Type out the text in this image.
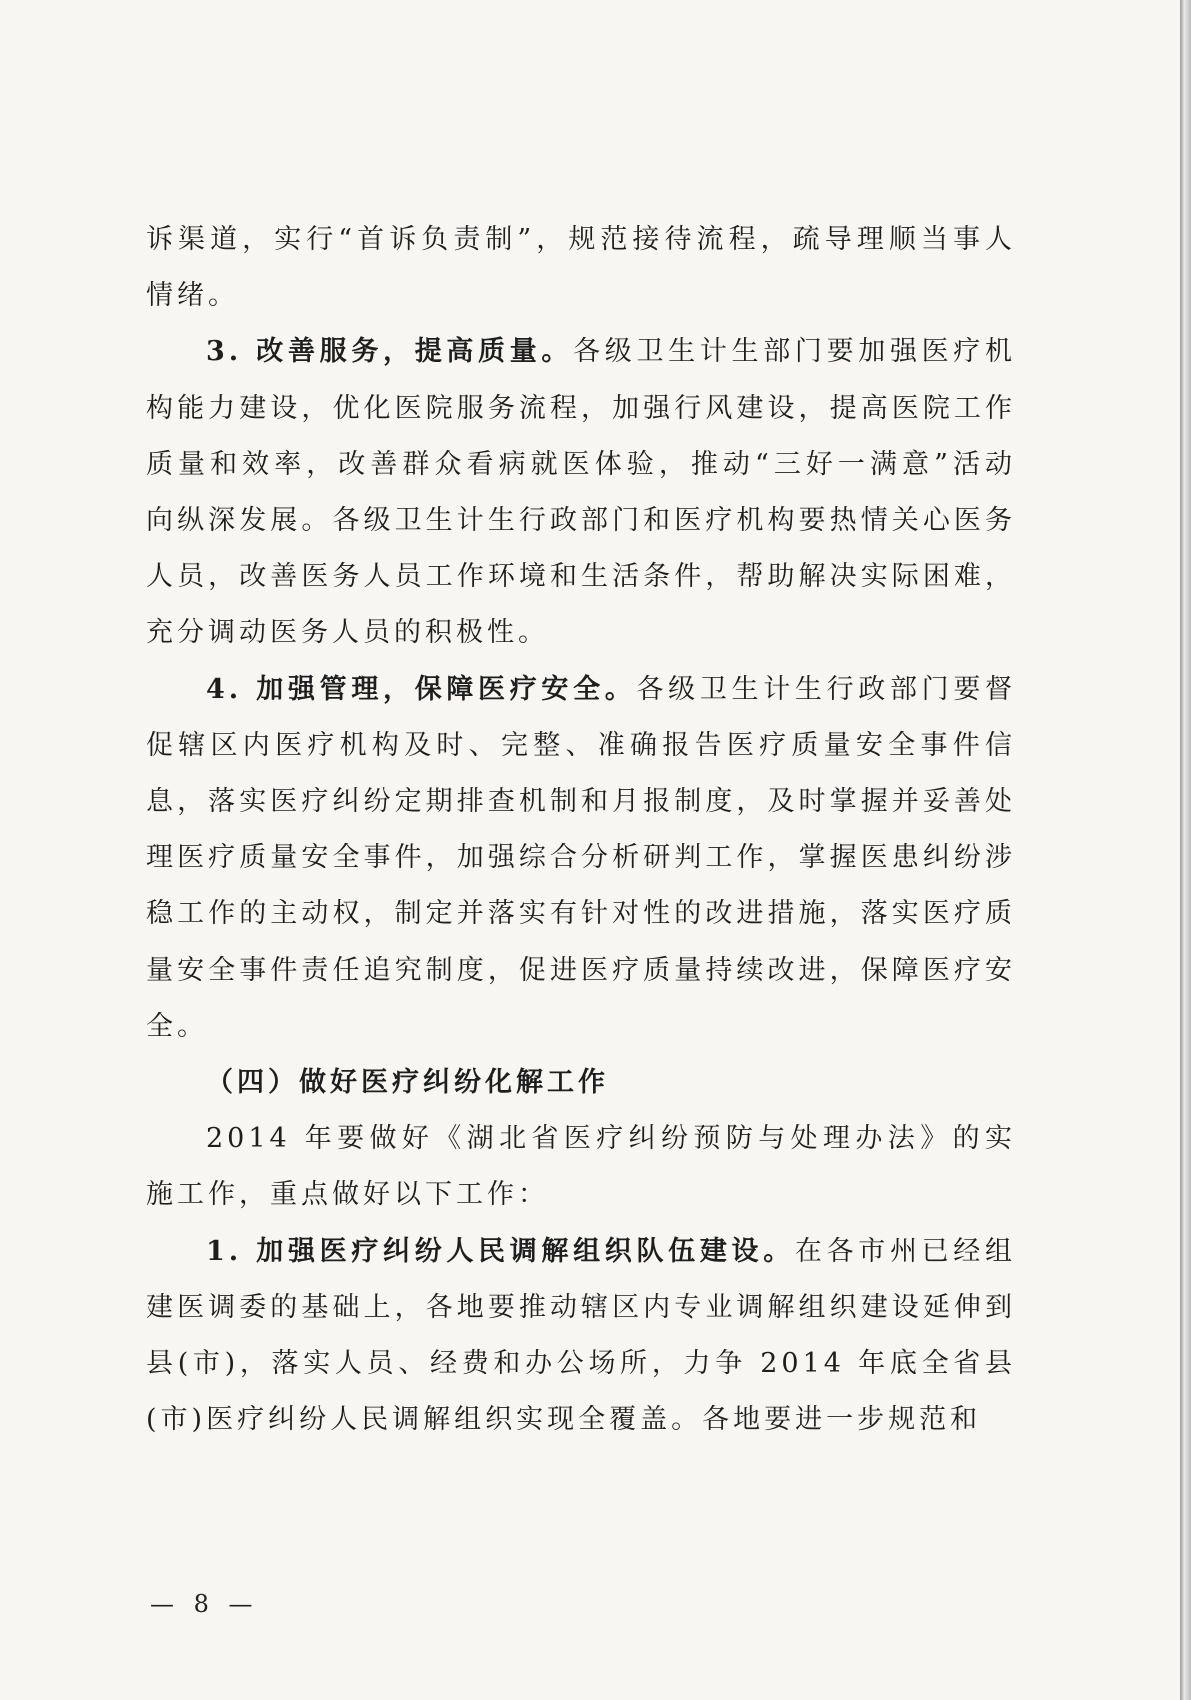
诉渠道，实行“首诉负责制”，规范接待流程，疏导理顺当事人情绪。

3. 改善服务，提高质量。各级卫生计生部门要加强医疗机构能力建设，优化医院服务流程，加强行风建设，提高医院工作质量和效率，改善群众看病就医体验，推动“三好一满意”活动向纵深发展。各级卫生计生行政部门和医疗机构要热情关心医务人员，改善医务人员工作环境和生活条件，帮助解决实际困难，充分调动医务人员的积极性。

4. 加强管理，保障医疗安全。各级卫生计生行政部门要督促辖区内医疗机构及时、完整、准确报告医疗质量安全事件信息，落实医疗纠纷定期排查机制和月报制度，及时掌握并妥善处理医疗质量安全事件，加强综合分析研判工作，掌握医患纠纷涉稳工作的主动权，制定并落实有针对性的改进措施，落实医疗质量安全事件责任追究制度，促进医疗质量持续改进，保障医疗安全。

（四）做好医疗纠纷化解工作

2014 年要做好《湖北省医疗纠纷预防与处理办法》的实施工作，重点做好以下工作：

1. 加强医疗纠纷人民调解组织队伍建设。在各市州已经组建医调委的基础上，各地要推动辖区内专业调解组织建设延伸到县(市)，落实人员、经费和办公场所，力争 2014 年底全省县(市)医疗纠纷人民调解组织实现全覆盖。各地要进一步规范和

— 8 —
